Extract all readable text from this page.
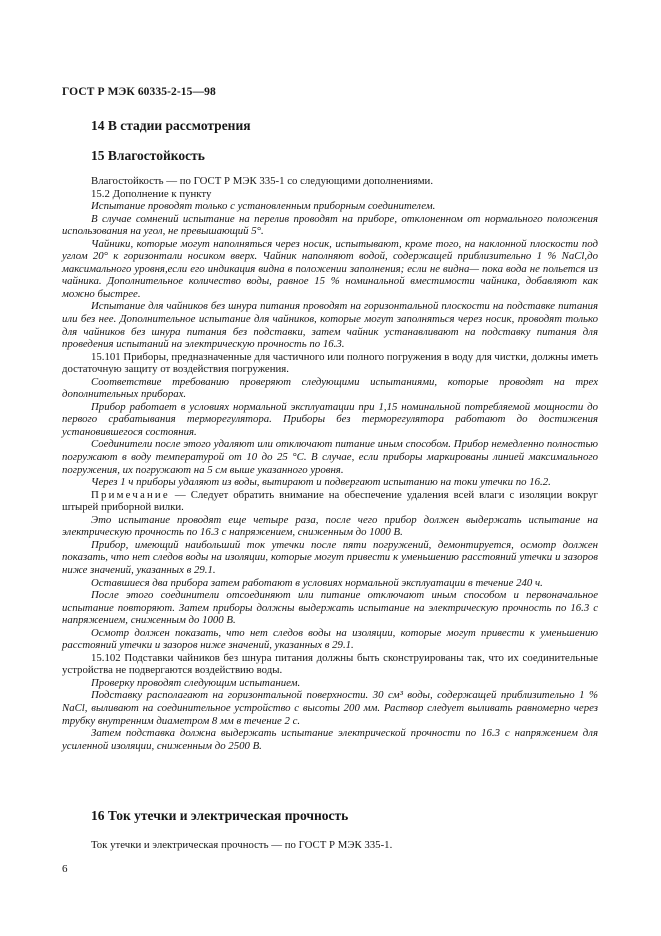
ГОСТ Р МЭК 60335-2-15—98
14 В стадии рассмотрения
15 Влагостойкость

Влагостойкость — по ГОСТ Р МЭК 335-1 со следующими дополнениями.

15.2 Дополнение к пункту

Испытание проводят только с установленным приборным соединителем.

В случае сомнений испытание на перелив проводят на приборе, отклоненном от нормального положения использования на угол, не превышающий 5°.

Чайники, которые могут наполняться через носик, испытывают, кроме того, на наклонной плоскости под углом 20° к горизонтали носиком вверх. Чайник наполняют водой, содержащей приблизительно 1 % NaCl,до максимального уровня,если его индикация видна в положении заполнения; если не видна— пока вода не польется из чайника. Дополнительное количество воды, равное 15 % номинальной вместимости чайника, добавляют как можно быстрее.

Испытание для чайников без шнура питания проводят на горизонтальной плоскости на подставке питания или без нее. Дополнительное испытание для чайников, которые могут заполняться через носик, проводят только для чайников без шнура питания без подставки, затем чайник устанавливают на подставку питания для проведения испытаний на электрическую прочность по 16.3.

15.101 Приборы, предназначенные для частичного или полного погружения в воду для чистки, должны иметь достаточную защиту от воздействия погружения.

Соответствие требованию проверяют следующими испытаниями, которые проводят на трех дополнительных приборах.

Прибор работает в условиях нормальной эксплуатации при 1,15 номинальной потребляемой мощности до первого срабатывания терморегулятора. Приборы без терморегулятора работают до достижения установившегося состояния.

Соединители после этого удаляют или отключают питание иным способом. Прибор немедленно полностью погружают в воду температурой от 10 до 25 °C. В случае, если приборы маркированы линией максимального погружения, их погружают на 5 см выше указанного уровня.

Через 1 ч приборы удаляют из воды, вытирают и подвергают испытанию на токи утечки по 16.2.

Примечание — Следует обратить внимание на обеспечение удаления всей влаги с изоляции вокруг штырей приборной вилки.

Это испытание проводят еще четыре раза, после чего прибор должен выдержать испытание на электрическую прочность по 16.3 с напряжением, сниженным до 1000 В.

Прибор, имеющий наибольший ток утечки после пяти погружений, демонтируется, осмотр должен показать, что нет следов воды на изоляции, которые могут привести к уменьшению расстояний утечки и зазоров ниже значений, указанных в 29.1.

Оставшиеся два прибора затем работают в условиях нормальной эксплуатации в течение 240 ч.

После этого соединители отсоединяют или питание отключают иным способом и первоначальное испытание повторяют. Затем приборы должны выдержать испытание на электрическую прочность по 16.3 с напряжением, сниженным до 1000 В.

Осмотр должен показать, что нет следов воды на изоляции, которые могут привести к уменьшению расстояний утечки и зазоров ниже значений, указанных в 29.1.

15.102 Подставки чайников без шнура питания должны быть сконструированы так, что их соединительные устройства не подвергаются воздействию воды.

Проверку проводят следующим испытанием.

Подставку располагают на горизонтальной поверхности. 30 см³ воды, содержащей приблизительно 1 % NaCl, выливают на соединительное устройство с высоты 200 мм. Раствор следует выливать равномерно через трубку внутренним диаметром 8 мм в течение 2 с.

Затем подставка должна выдержать испытание электрической прочности по 16.3 с напряжением для усиленной изоляции, сниженным до 2500 В.

16 Ток утечки и электрическая прочность
Ток утечки и электрическая прочность — по ГОСТ Р МЭК 335-1.
6
